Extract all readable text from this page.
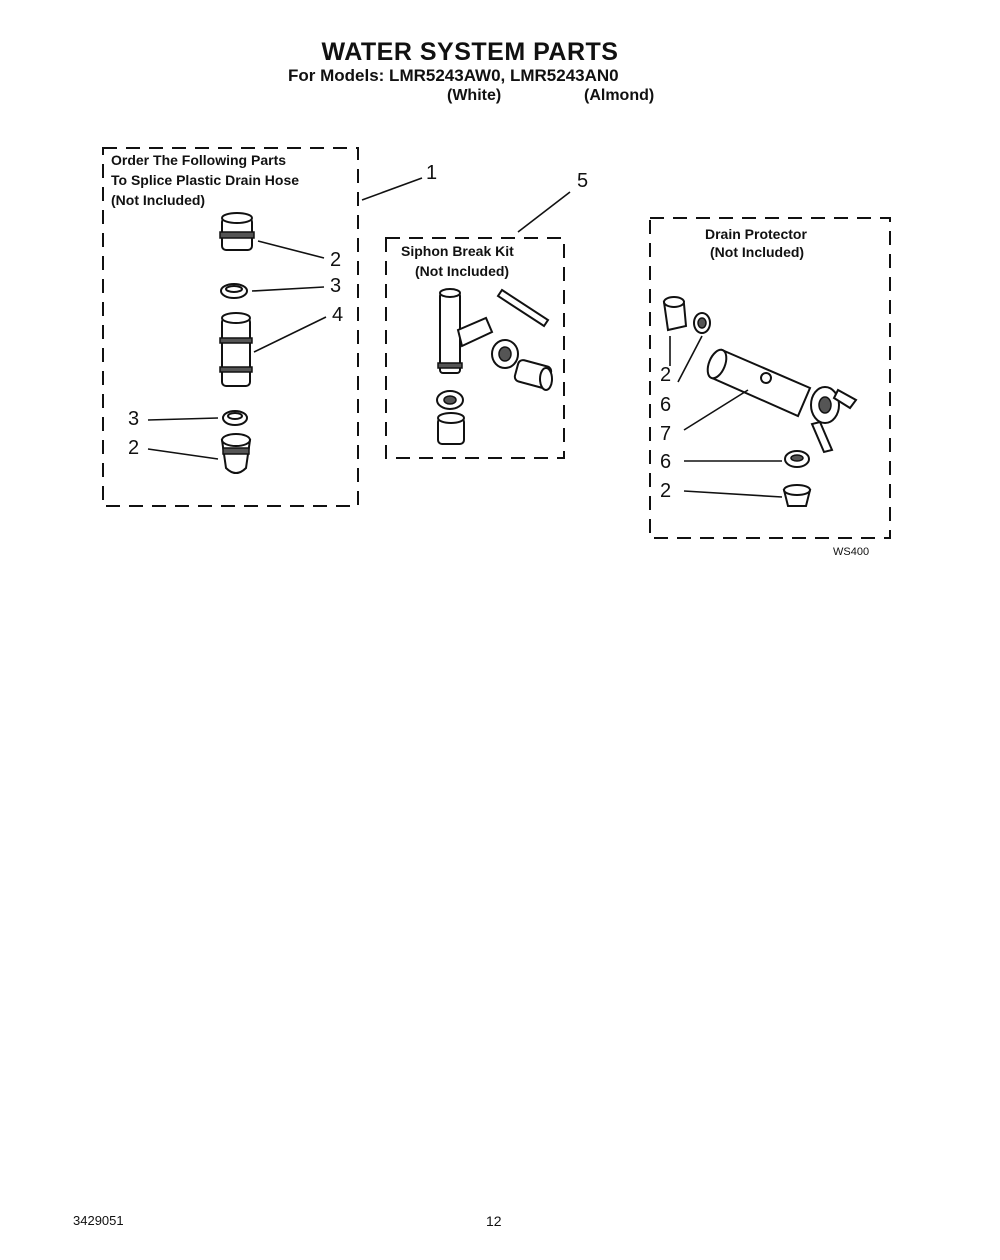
WATER SYSTEM PARTS
For Models: LMR5243AW0, LMR5243AN0
(White)	(Almond)
Order The Following Parts
To Splice Plastic Drain Hose
(Not Included)
Siphon Break Kit
(Not Included)
Drain Protector
(Not Included)
1
2
3
4
3
2
5
2
6
7
6
2
WS400
3429051	12
